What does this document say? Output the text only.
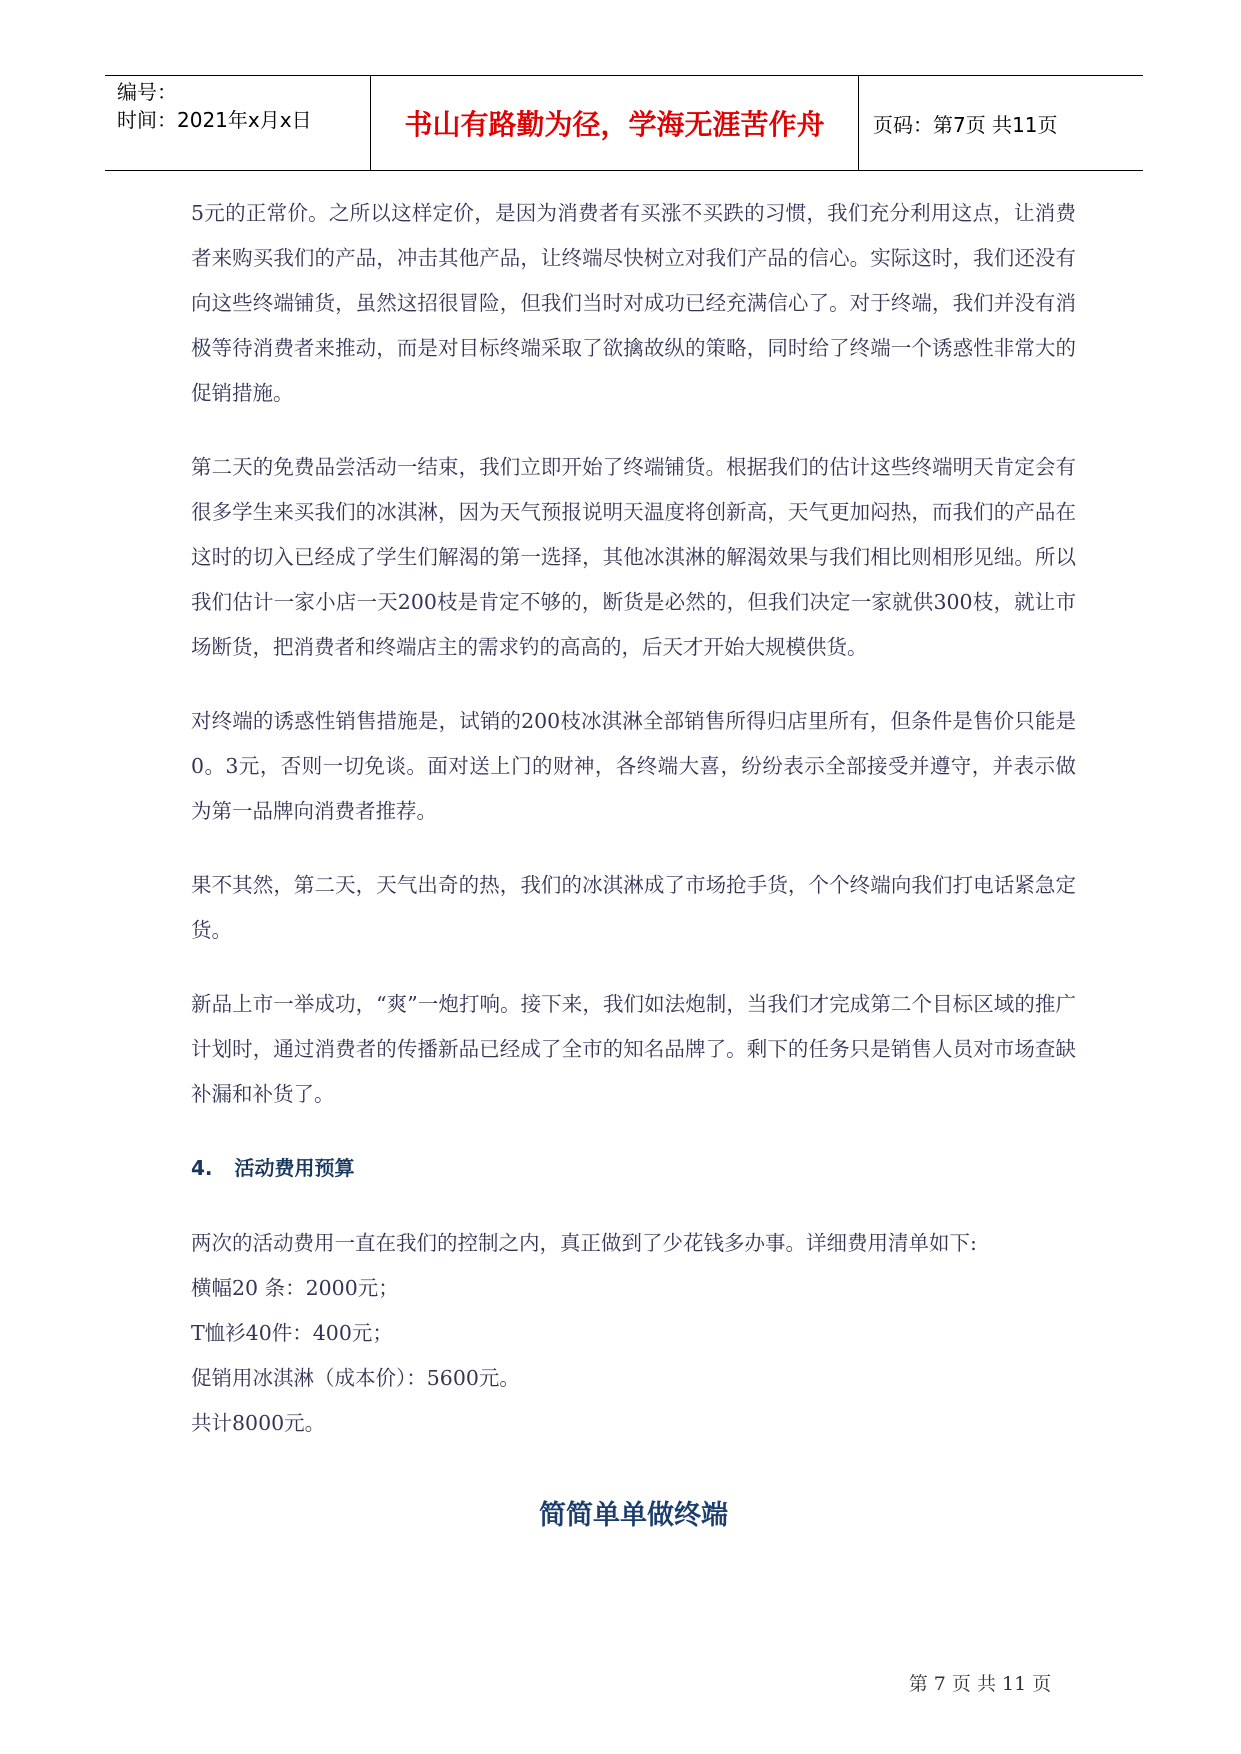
编号：
时间：2021年x月x日	书山有路勤为径，学海无涯苦作舟	页码：第7页 共11页

5元的正常价。之所以这样定价，是因为消费者有买涨不买跌的习惯，我们充分利用这点，让消费者来购买我们的产品，冲击其他产品，让终端尽快树立对我们产品的信心。实际这时，我们还没有向这些终端铺货，虽然这招很冒险，但我们当时对成功已经充满信心了。对于终端，我们并没有消极等待消费者来推动，而是对目标终端采取了欲擒故纵的策略，同时给了终端一个诱惑性非常大的促销措施。

第二天的免费品尝活动一结束，我们立即开始了终端铺货。根据我们的估计这些终端明天肯定会有很多学生来买我们的冰淇淋，因为天气预报说明天温度将创新高，天气更加闷热，而我们的产品在这时的切入已经成了学生们解渴的第一选择，其他冰淇淋的解渴效果与我们相比则相形见绌。所以我们估计一家小店一天200枝是肯定不够的，断货是必然的，但我们决定一家就供300枝，就让市场断货，把消费者和终端店主的需求钓的高高的，后天才开始大规模供货。

对终端的诱惑性销售措施是，试销的200枝冰淇淋全部销售所得归店里所有，但条件是售价只能是0。3元，否则一切免谈。面对送上门的财神，各终端大喜，纷纷表示全部接受并遵守，并表示做为第一品牌向消费者推荐。

果不其然，第二天，天气出奇的热，我们的冰淇淋成了市场抢手货，个个终端向我们打电话紧急定货。

新品上市一举成功，“爽”一炮打响。接下来，我们如法炮制，当我们才完成第二个目标区域的推广计划时，通过消费者的传播新品已经成了全市的知名品牌了。剩下的任务只是销售人员对市场查缺补漏和补货了。

4. 活动费用预算

两次的活动费用一直在我们的控制之内，真正做到了少花钱多办事。详细费用清单如下:

横幅20 条：2000元；

T恤衫40件：400元；

促销用冰淇淋（成本价）：5600元。

共计8000元。

简简单单做终端
第 7 页 共 11 页
